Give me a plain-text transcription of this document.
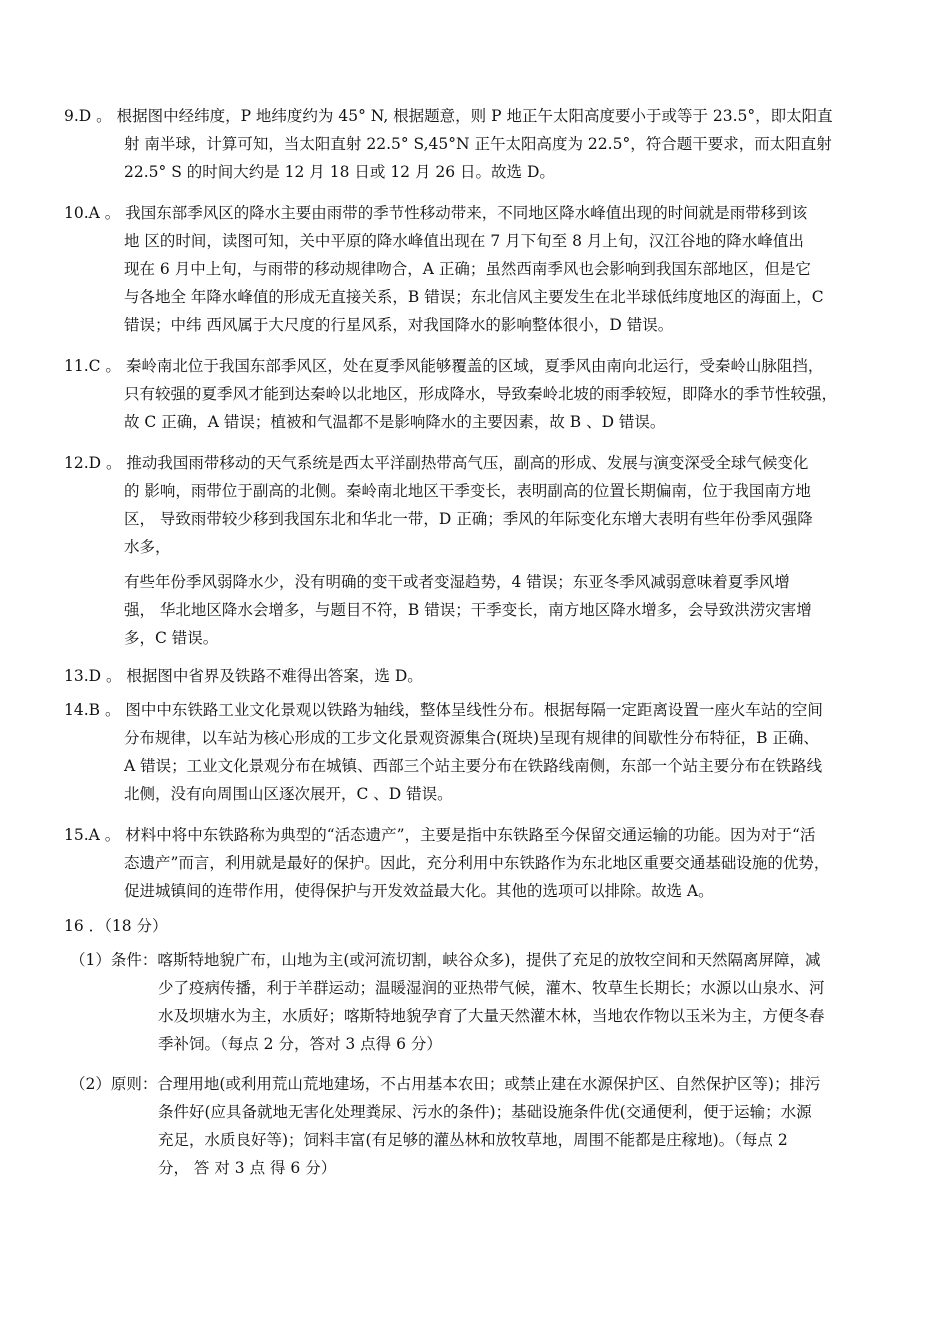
9.D 。 根据图中经纬度，P 地纬度约为 45° N, 根据题意，则 P 地正午太阳高度要小于或等于 23.5°，即太阳直
射 南半球，计算可知，当太阳直射 22.5° S,45°N 正午太阳高度为 22.5°，符合题干要求，而太阳直射
22.5° S 的时间大约是 12 月 18 日或 12 月 26 日。故选 D。
10.A 。 我国东部季风区的降水主要由雨带的季节性移动带来，不同地区降水峰值出现的时间就是雨带移到该
地 区的时间，读图可知，关中平原的降水峰值出现在 7 月下旬至 8 月上旬，汉江谷地的降水峰值出
现在 6 月中上旬，与雨带的移动规律吻合，A 正确；虽然西南季风也会影响到我国东部地区，但是它
与各地全 年降水峰值的形成无直接关系，B 错误；东北信风主要发生在北半球低纬度地区的海面上，C
错误；中纬 西风属于大尺度的行星风系，对我国降水的影响整体很小，D 错误。
11.C 。 秦岭南北位于我国东部季风区，处在夏季风能够覆盖的区域，夏季风由南向北运行，受秦岭山脉阻挡，
只有较强的夏季风才能到达秦岭以北地区，形成降水，导致秦岭北坡的雨季较短，即降水的季节性较强，
故 C 正确，A 错误；植被和气温都不是影响降水的主要因素，故 B 、D 错误。
12.D 。 推动我国雨带移动的天气系统是西太平洋副热带高气压，副高的形成、发展与演变深受全球气候变化
的 影响，雨带位于副高的北侧。秦岭南北地区干季变长，表明副高的位置长期偏南，位于我国南方地
区， 导致雨带较少移到我国东北和华北一带，D 正确；季风的年际变化东增大表明有些年份季风强降
水多，
有些年份季风弱降水少，没有明确的变干或者变湿趋势，4 错误；东亚冬季风减弱意味着夏季风增
强， 华北地区降水会增多，与题目不符，B 错误；干季变长，南方地区降水增多，会导致洪涝灾害增
多，C 错误。
13.D 。 根据图中省界及铁路不难得出答案，选 D。
14.B 。 图中中东铁路工业文化景观以铁路为轴线，整体呈线性分布。根据每隔一定距离设置一座火车站的空间
分布规律，以车站为核心形成的工步文化景观资源集合(斑块)呈现有规律的间歇性分布特征，B 正确、
A 错误；工业文化景观分布在城镇、西部三个站主要分布在铁路线南侧，东部一个站主要分布在铁路线
北侧，没有向周围山区逐次展开，C 、D 错误。
15.A 。 材料中将中东铁路称为典型的“活态遗产”，主要是指中东铁路至今保留交通运输的功能。因为对于“活
态遗产”而言，利用就是最好的保护。因此，充分利用中东铁路作为东北地区重要交通基础设施的优势，
促进城镇间的连带作用，使得保护与开发效益最大化。其他的选项可以排除。故选 A。
16 ．（18 分）
（1）条件：喀斯特地貌广布，山地为主(或河流切割，峡谷众多)，提供了充足的放牧空间和天然隔离屏障，减
少了疫病传播，利于羊群运动；温暖湿润的亚热带气候，灌木、牧草生长期长；水源以山泉水、河
水及坝塘水为主，水质好；喀斯特地貌孕育了大量天然灌木林，当地农作物以玉米为主，方便冬春
季补饲。（每点 2 分，答对 3 点得 6 分）
（2）原则：合理用地(或利用荒山荒地建场，不占用基本农田；或禁止建在水源保护区、自然保护区等)；排污
条件好(应具备就地无害化处理粪尿、污水的条件)；基础设施条件优(交通便利，便于运输；水源
充足，水质良好等)；饲料丰富(有足够的灌丛林和放牧草地，周围不能都是庄稼地)。（每点 2
分， 答 对 3 点 得 6 分）
